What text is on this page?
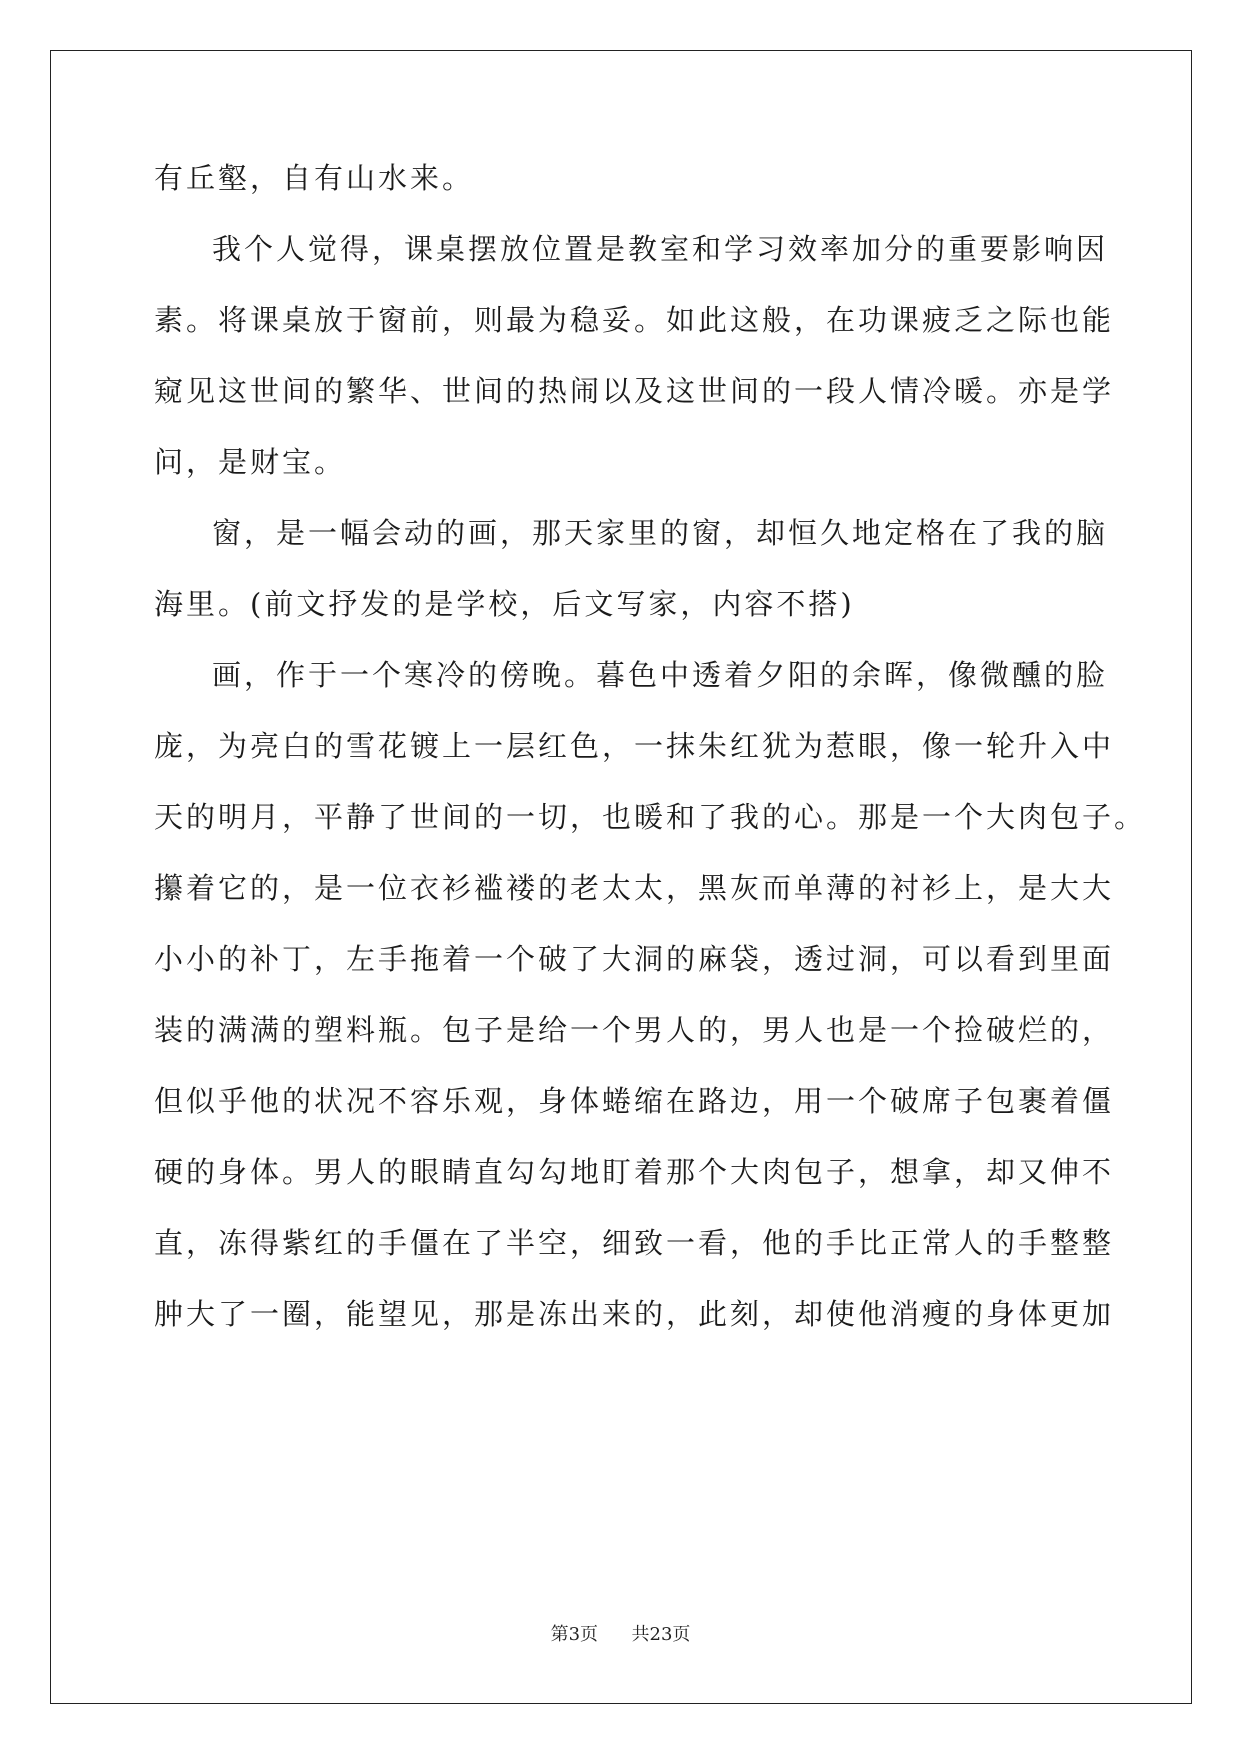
有丘壑，自有山水来。
我个人觉得，课桌摆放位置是教室和学习效率加分的重要影响因
素。将课桌放于窗前，则最为稳妥。如此这般，在功课疲乏之际也能
窥见这世间的繁华、世间的热闹以及这世间的一段人情冷暖。亦是学
问，是财宝。
窗，是一幅会动的画，那天家里的窗，却恒久地定格在了我的脑
海里。(前文抒发的是学校，后文写家，内容不搭)
画，作于一个寒冷的傍晚。暮色中透着夕阳的余晖，像微醺的脸
庞，为亮白的雪花镀上一层红色，一抹朱红犹为惹眼，像一轮升入中
天的明月，平静了世间的一切，也暖和了我的心。那是一个大肉包子。
攥着它的，是一位衣衫褴褛的老太太，黑灰而单薄的衬衫上，是大大
小小的补丁，左手拖着一个破了大洞的麻袋，透过洞，可以看到里面
装的满满的塑料瓶。包子是给一个男人的，男人也是一个捡破烂的，
但似乎他的状况不容乐观，身体蜷缩在路边，用一个破席子包裹着僵
硬的身体。男人的眼睛直勾勾地盯着那个大肉包子，想拿，却又伸不
直，冻得紫红的手僵在了半空，细致一看，他的手比正常人的手整整
肿大了一圈，能望见，那是冻出来的，此刻，却使他消瘦的身体更加
第3页 共23页
